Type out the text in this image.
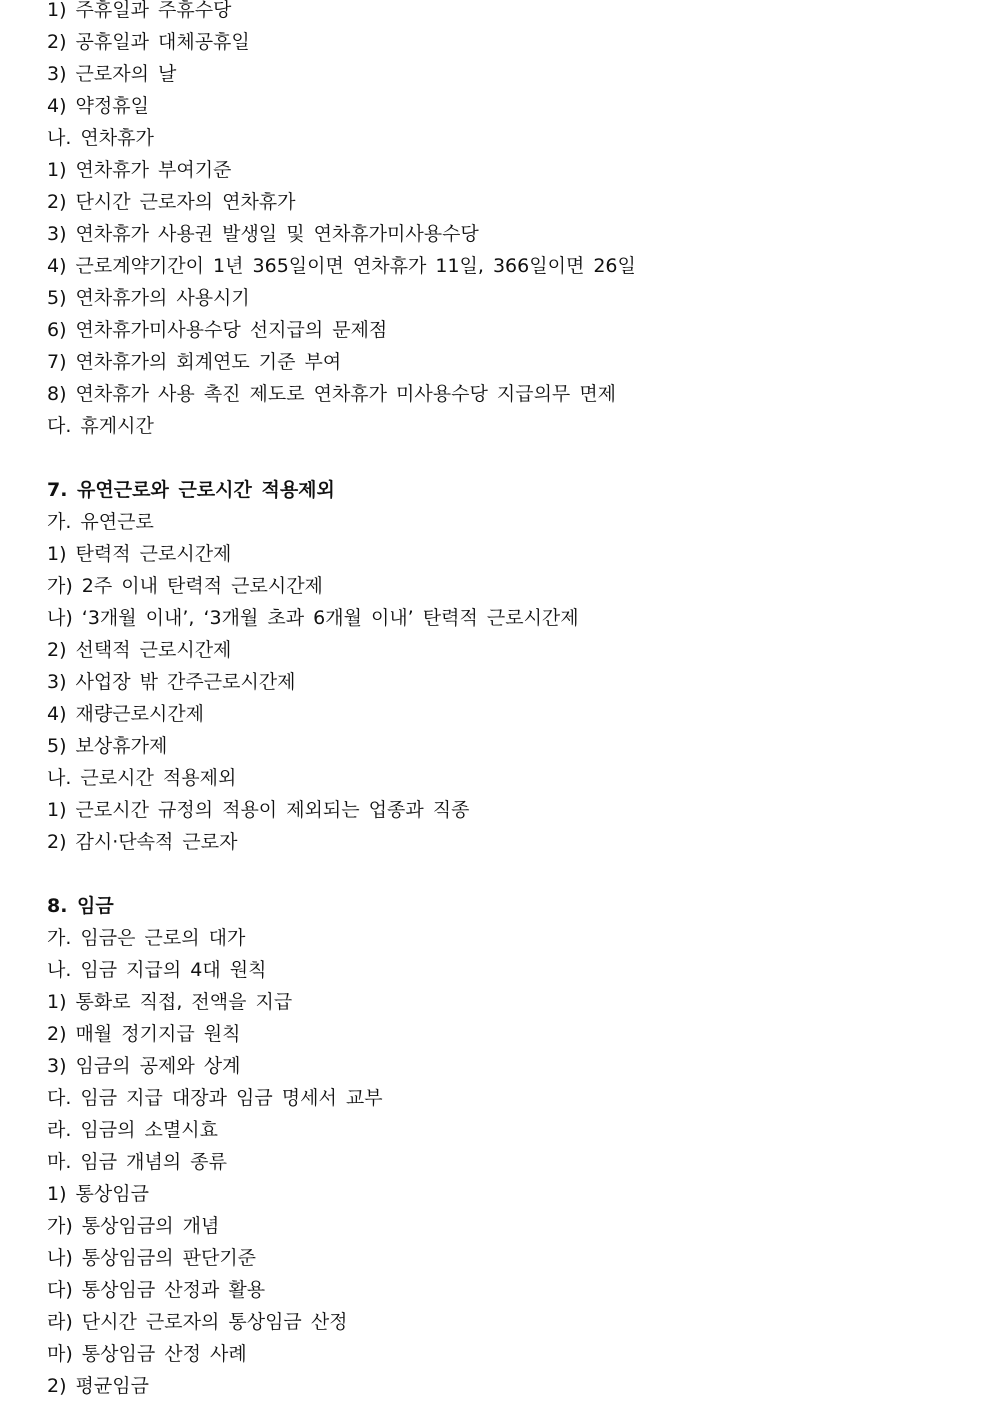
1) 주휴일과 주휴수당
2) 공휴일과 대체공휴일
3) 근로자의 날
4) 약정휴일
나. 연차휴가
1) 연차휴가 부여기준
2) 단시간 근로자의 연차휴가
3) 연차휴가 사용권 발생일 및 연차휴가미사용수당
4) 근로계약기간이 1년 365일이면 연차휴가 11일, 366일이면 26일
5) 연차휴가의 사용시기
6) 연차휴가미사용수당 선지급의 문제점
7) 연차휴가의 회계연도 기준 부여
8) 연차휴가 사용 촉진 제도로 연차휴가 미사용수당 지급의무 면제
다. 휴게시간
7. 유연근로와 근로시간 적용제외
가. 유연근로
1) 탄력적 근로시간제
가) 2주 이내 탄력적 근로시간제
나) ‘3개월 이내’, ‘3개월 초과 6개월 이내’ 탄력적 근로시간제
2) 선택적 근로시간제
3) 사업장 밖 간주근로시간제
4) 재량근로시간제
5) 보상휴가제
나. 근로시간 적용제외
1) 근로시간 규정의 적용이 제외되는 업종과 직종
2) 감시·단속적 근로자
8. 임금
가. 임금은 근로의 대가
나. 임금 지급의 4대 원칙
1) 통화로 직접, 전액을 지급
2) 매월 정기지급 원칙
3) 임금의 공제와 상계
다. 임금 지급 대장과 임금 명세서 교부
라. 임금의 소멸시효
마. 임금 개념의 종류
1) 통상임금
가) 통상임금의 개념
나) 통상임금의 판단기준
다) 통상임금 산정과 활용
라) 단시간 근로자의 통상임금 산정
마) 통상임금 산정 사례
2) 평균임금
